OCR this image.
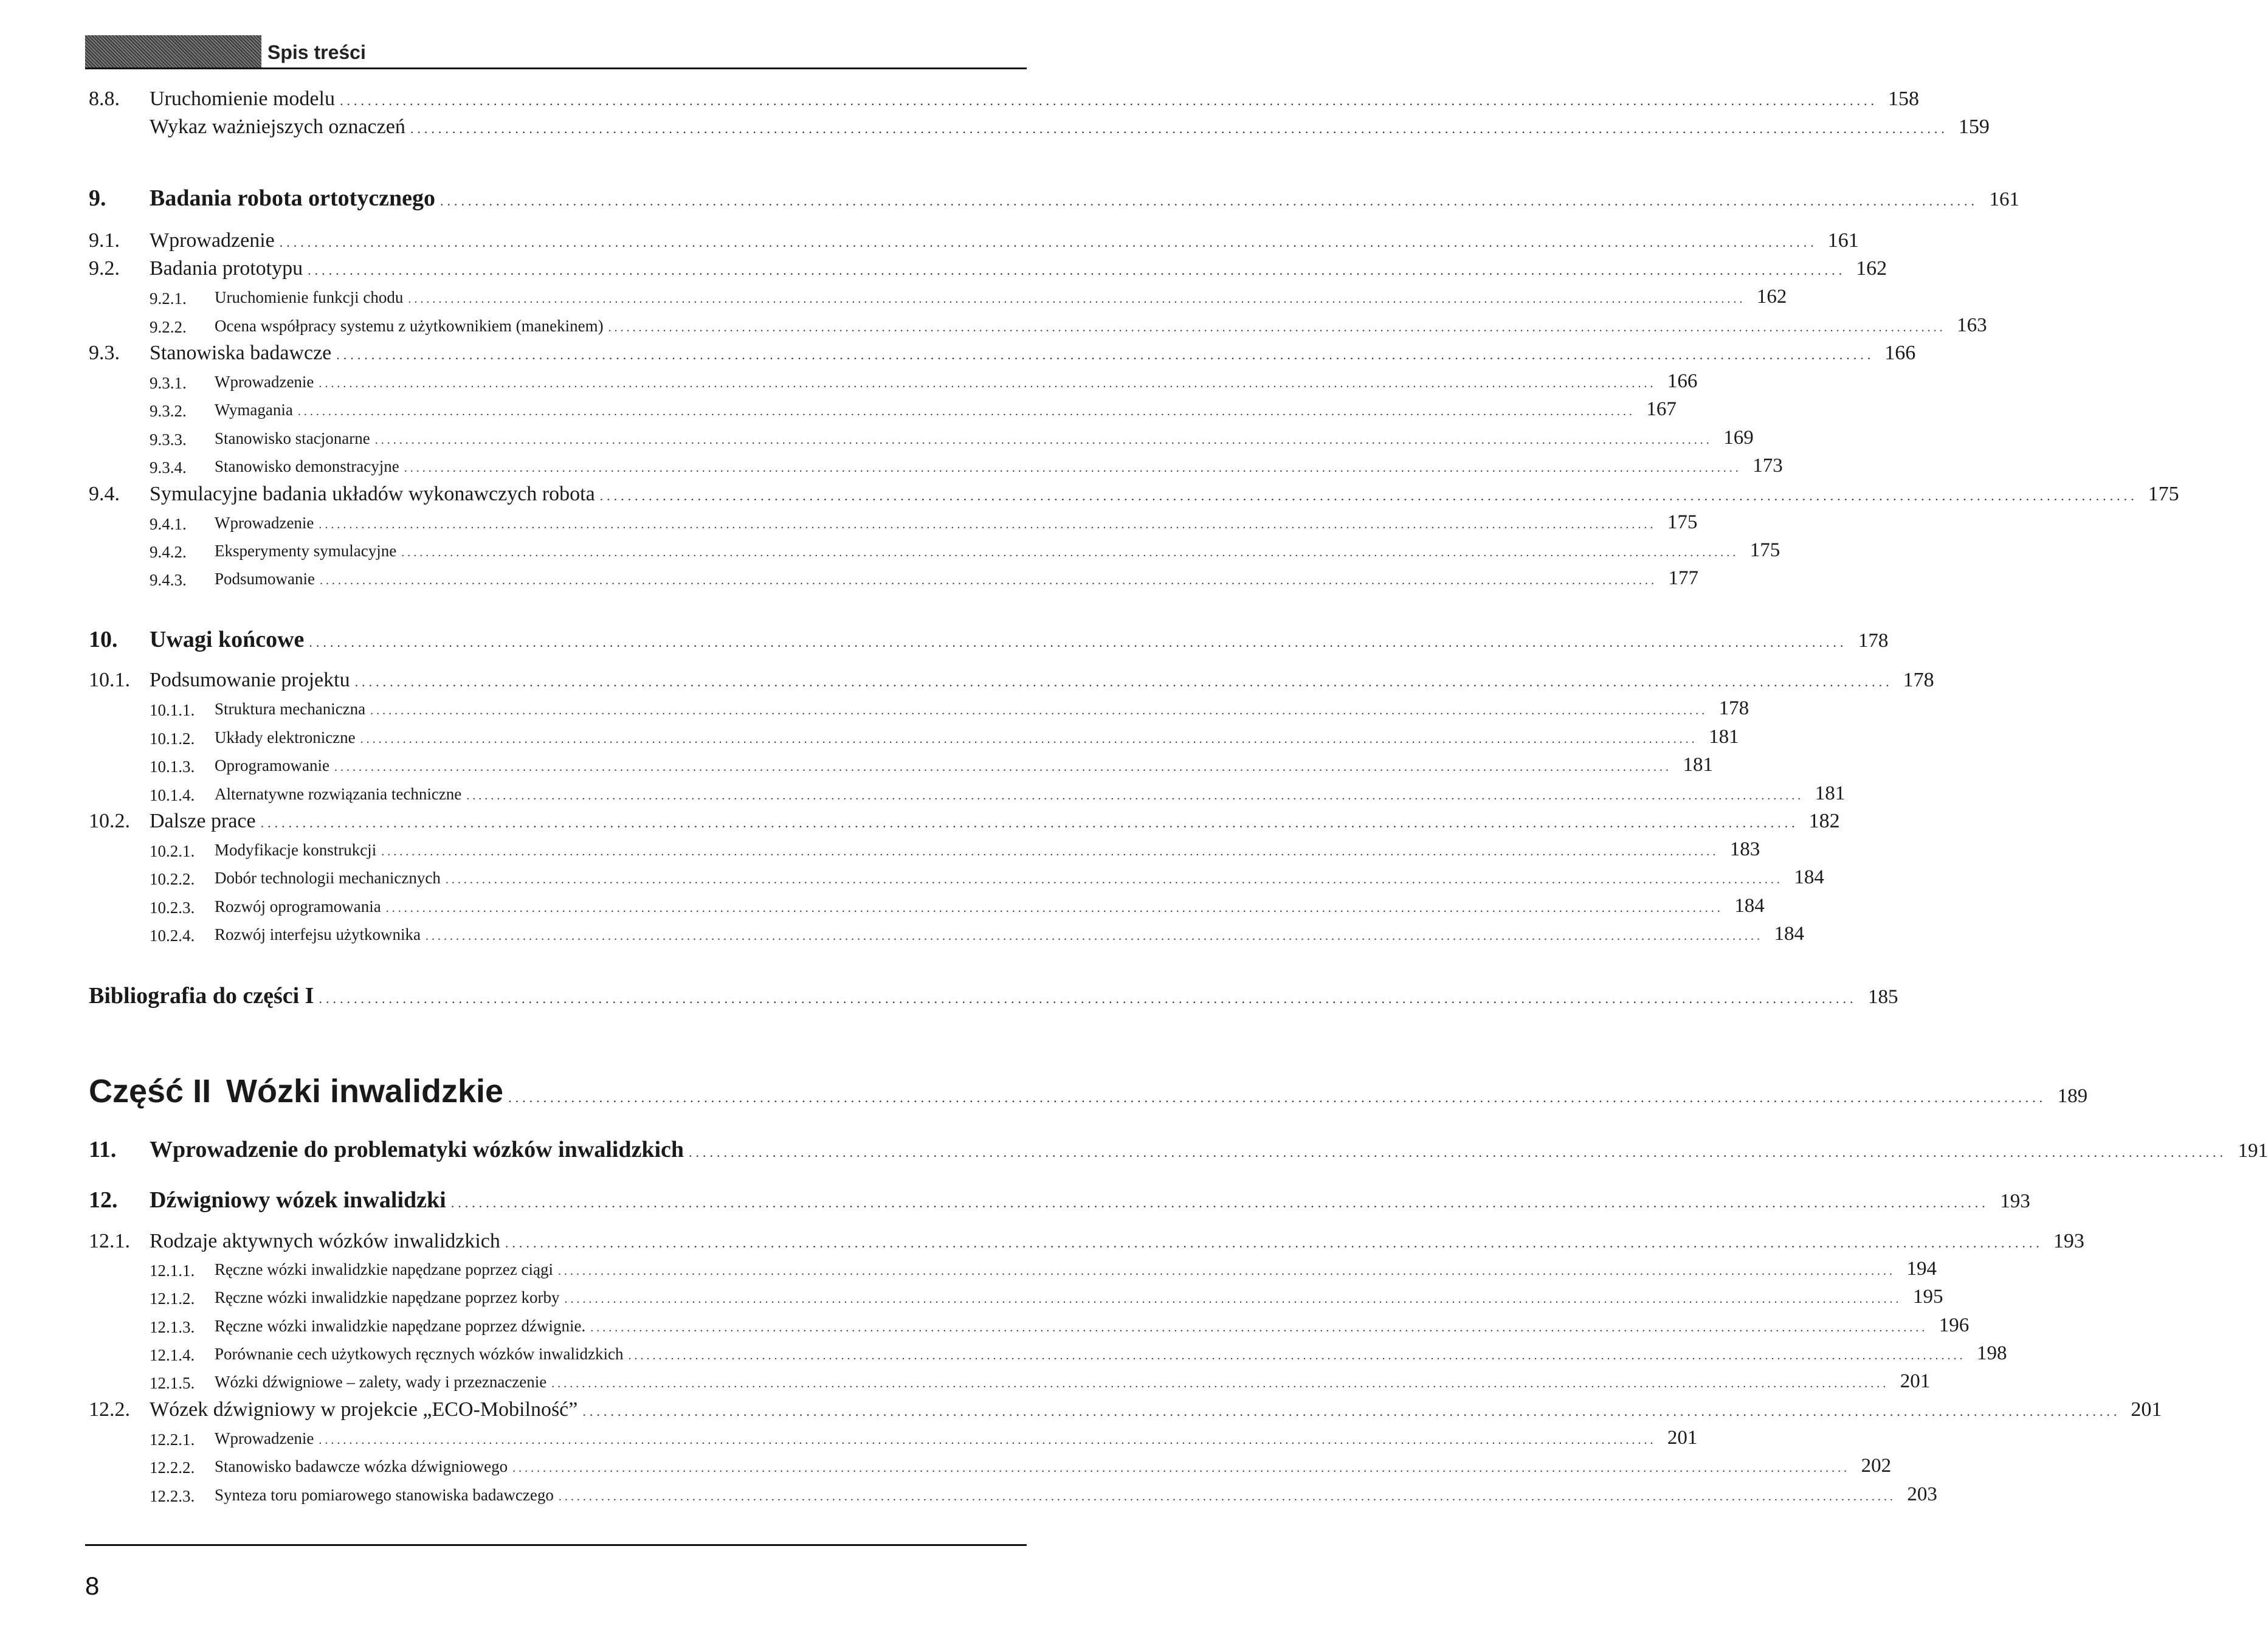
Spis treści
8.8. Uruchomienie modelu ............................................................................................................................................................................................................................ 158
Wykaz ważniejszych oznaczeń ............................................................................................................................................................................................................................ 159
9. Badania robota ortotycznego ............................................................................................................................................................................................................................ 161
9.1. Wprowadzenie ............................................................................................................................................................................................................................ 161
9.2. Badania prototypu ............................................................................................................................................................................................................................ 162
9.2.1. Uruchomienie funkcji chodu ............................................................................................................................................................................................................................ 162
9.2.2. Ocena współpracy systemu z użytkownikiem (manekinem) ............................................................................................................................................................................................................................ 163
9.3. Stanowiska badawcze ............................................................................................................................................................................................................................ 166
9.3.1. Wprowadzenie ............................................................................................................................................................................................................................ 166
9.3.2. Wymagania ............................................................................................................................................................................................................................ 167
9.3.3. Stanowisko stacjonarne ............................................................................................................................................................................................................................ 169
9.3.4. Stanowisko demonstracyjne ............................................................................................................................................................................................................................ 173
9.4. Symulacyjne badania układów wykonawczych robota ............................................................................................................................................................................................................................ 175
9.4.1. Wprowadzenie ............................................................................................................................................................................................................................ 175
9.4.2. Eksperymenty symulacyjne ............................................................................................................................................................................................................................ 175
9.4.3. Podsumowanie ............................................................................................................................................................................................................................ 177
10. Uwagi końcowe ............................................................................................................................................................................................................................ 178
10.1. Podsumowanie projektu ............................................................................................................................................................................................................................ 178
10.1.1. Struktura mechaniczna ............................................................................................................................................................................................................................ 178
10.1.2. Układy elektroniczne ............................................................................................................................................................................................................................ 181
10.1.3. Oprogramowanie ............................................................................................................................................................................................................................ 181
10.1.4. Alternatywne rozwiązania techniczne ............................................................................................................................................................................................................................ 181
10.2. Dalsze prace ............................................................................................................................................................................................................................ 182
10.2.1. Modyfikacje konstrukcji ............................................................................................................................................................................................................................ 183
10.2.2. Dobór technologii mechanicznych ............................................................................................................................................................................................................................ 184
10.2.3. Rozwój oprogramowania ............................................................................................................................................................................................................................ 184
10.2.4. Rozwój interfejsu użytkownika ............................................................................................................................................................................................................................ 184
Bibliografia do części I ............................................................................................................................................................................................................................ 185
Część II Wózki inwalidzkie ............................................................................................................................................................................................................................ 189
11. Wprowadzenie do problematyki wózków inwalidzkich ............................................................................................................................................................................................................................ 191
12. Dźwigniowy wózek inwalidzki ............................................................................................................................................................................................................................ 193
12.1. Rodzaje aktywnych wózków inwalidzkich ............................................................................................................................................................................................................................ 193
12.1.1. Ręczne wózki inwalidzkie napędzane poprzez ciągi ............................................................................................................................................................................................................................ 194
12.1.2. Ręczne wózki inwalidzkie napędzane poprzez korby ............................................................................................................................................................................................................................ 195
12.1.3. Ręczne wózki inwalidzkie napędzane poprzez dźwignie. ............................................................................................................................................................................................................................ 196
12.1.4. Porównanie cech użytkowych ręcznych wózków inwalidzkich ............................................................................................................................................................................................................................ 198
12.1.5. Wózki dźwigniowe – zalety, wady i przeznaczenie ............................................................................................................................................................................................................................ 201
12.2. Wózek dźwigniowy w projekcie „ECO-Mobilność” ............................................................................................................................................................................................................................ 201
12.2.1. Wprowadzenie ............................................................................................................................................................................................................................ 201
12.2.2. Stanowisko badawcze wózka dźwigniowego ............................................................................................................................................................................................................................ 202
12.2.3. Synteza toru pomiarowego stanowiska badawczego ............................................................................................................................................................................................................................ 203
8
